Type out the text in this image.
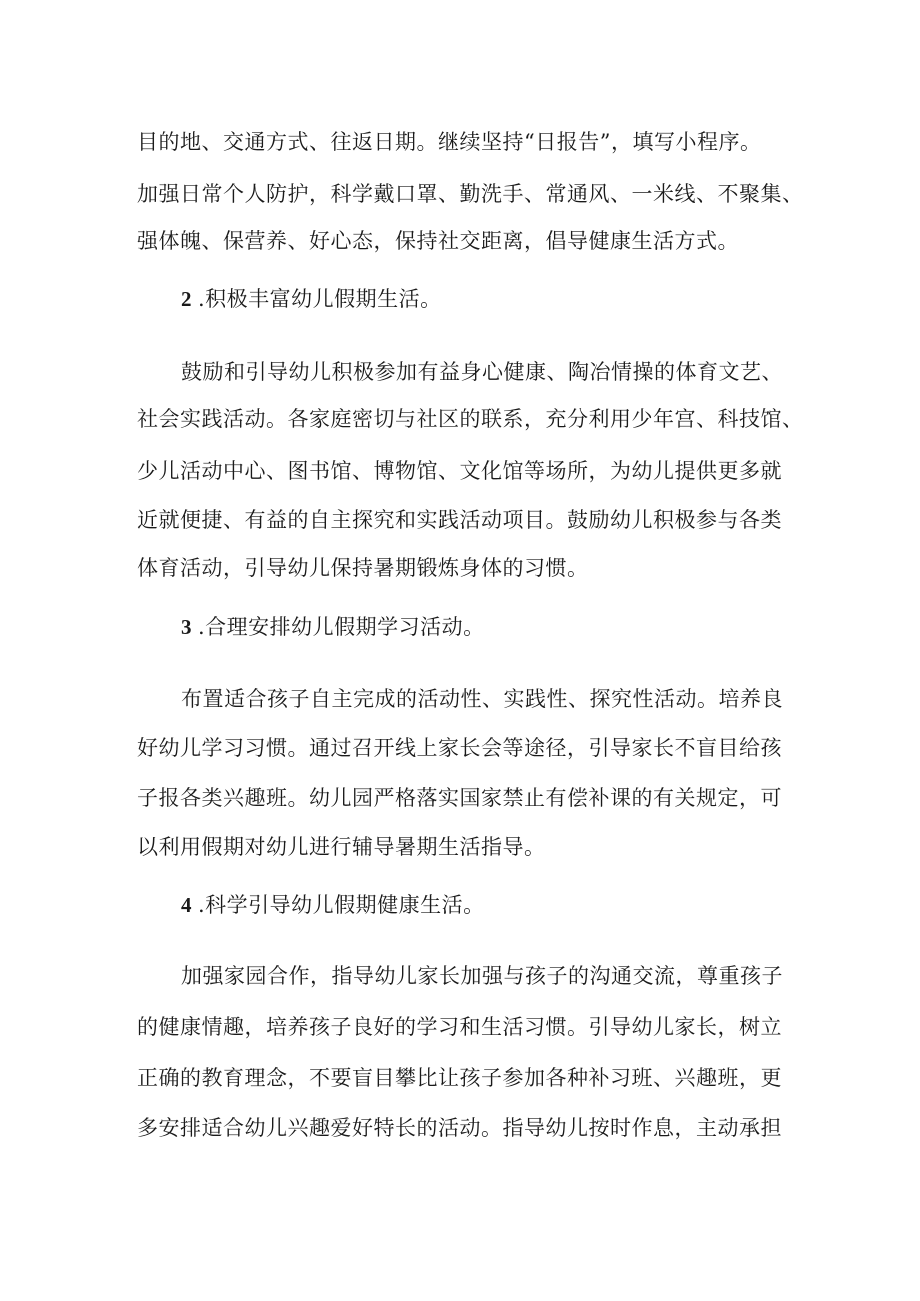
目的地、交通方式、往返日期。继续坚持“日报告”，填写小程序。
加强日常个人防护，科学戴口罩、勤洗手、常通风、一米线、不聚集、
强体魄、保营养、好心态，保持社交距离，倡导健康生活方式。
2 .积极丰富幼儿假期生活。
鼓励和引导幼儿积极参加有益身心健康、陶冶情操的体育文艺、
社会实践活动。各家庭密切与社区的联系，充分利用少年宫、科技馆、
少儿活动中心、图书馆、博物馆、文化馆等场所，为幼儿提供更多就
近就便捷、有益的自主探究和实践活动项目。鼓励幼儿积极参与各类
体育活动，引导幼儿保持暑期锻炼身体的习惯。
3 .合理安排幼儿假期学习活动。
布置适合孩子自主完成的活动性、实践性、探究性活动。培养良
好幼儿学习习惯。通过召开线上家长会等途径，引导家长不盲目给孩
子报各类兴趣班。幼儿园严格落实国家禁止有偿补课的有关规定，可
以利用假期对幼儿进行辅导暑期生活指导。
4 .科学引导幼儿假期健康生活。
加强家园合作，指导幼儿家长加强与孩子的沟通交流，尊重孩子
的健康情趣，培养孩子良好的学习和生活习惯。引导幼儿家长，树立
正确的教育理念，不要盲目攀比让孩子参加各种补习班、兴趣班，更
多安排适合幼儿兴趣爱好特长的活动。指导幼儿按时作息，主动承担
